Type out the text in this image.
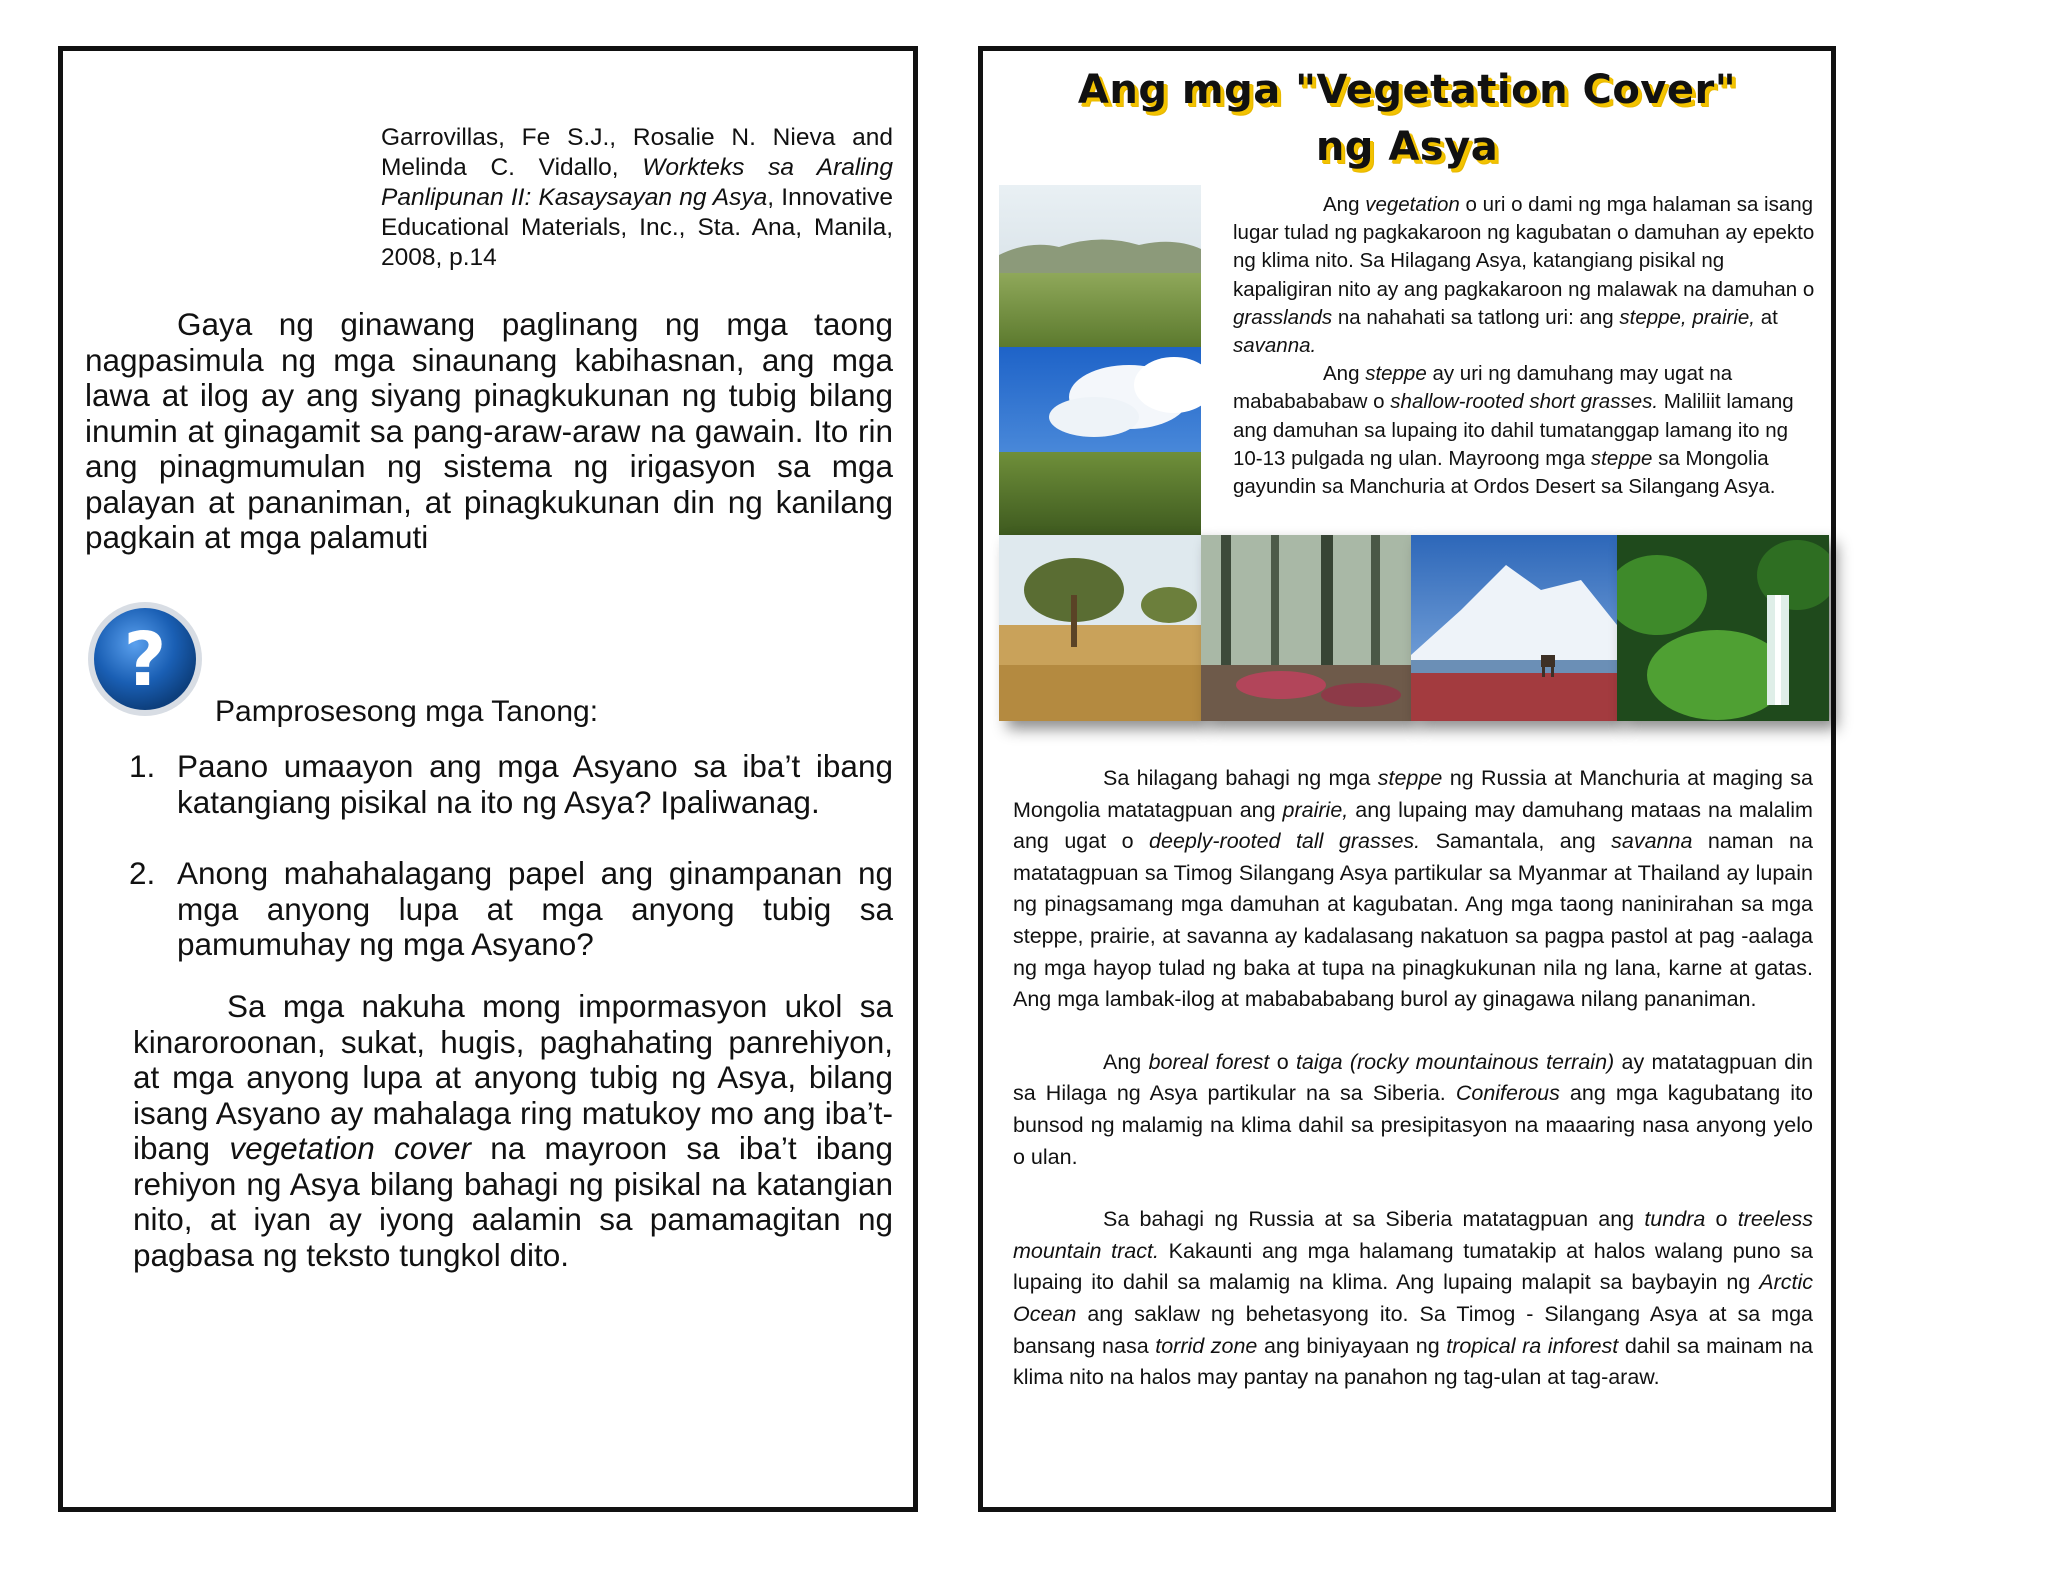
Garrovillas, Fe S.J., Rosalie N. Nieva and Melinda C. Vidallo, Workteks sa Araling Panlipunan II: Kasaysayan ng Asya, Innovative Educational Materials, Inc., Sta. Ana, Manila, 2008, p.14

Gaya ng ginawang paglinang ng mga taong nagpasimula ng mga sinaunang kabihasnan, ang mga lawa at ilog ay ang siyang pinagkukunan ng tubig bilang inumin at ginagamit sa pang-araw-araw na gawain. Ito rin ang pinagmumulan ng sistema ng irigasyon sa mga palayan at pananiman, at pinagkukunan din ng kanilang pagkain at mga palamuti

?
Pamprosesong mga Tanong:
1. Paano umaayon ang mga Asyano sa iba’t ibang katangiang pisikal na ito ng Asya? Ipaliwanag.
2. Anong mahahalagang papel ang ginampanan ng mga anyong lupa at mga anyong tubig sa pamumuhay ng mga Asyano?

Sa mga nakuha mong impormasyon ukol sa kinaroroonan, sukat, hugis, paghahating panrehiyon, at mga anyong lupa at anyong tubig ng Asya, bilang isang Asyano ay mahalaga ring matukoy mo ang iba’t-ibang vegetation cover na mayroon sa iba’t ibang rehiyon ng Asya bilang bahagi ng pisikal na katangian nito, at iyan ay iyong aalamin sa pamamagitan ng pagbasa ng teksto tungkol dito.

Ang mga "Vegetation Cover"
ng Asya

Ang vegetation o uri o dami ng mga halaman sa isang lugar tulad ng pagkakaroon ng kagubatan o damuhan ay epekto ng klima nito. Sa Hilagang Asya, katangiang pisikal ng kapaligiran nito ay ang pagkakaroon ng malawak na damuhan o grasslands na nahahati sa tatlong uri: ang steppe, prairie, at savanna.

Ang steppe ay uri ng damuhang may ugat na mababababaw o shallow-rooted short grasses. Maliliit lamang ang damuhan sa lupaing ito dahil tumatanggap lamang ito ng 10-13 pulgada ng ulan. Mayroong mga steppe sa Mongolia gayundin sa Manchuria at Ordos Desert sa Silangang Asya.

Sa hilagang bahagi ng mga steppe ng Russia at Manchuria at maging sa Mongolia matatagpuan ang prairie, ang lupaing may damuhang mataas na malalim ang ugat o deeply-rooted tall grasses. Samantala, ang savanna naman na matatagpuan sa Timog Silangang Asya partikular sa Myanmar at Thailand ay lupain ng pinagsamang mga damuhan at kagubatan. Ang mga taong naninirahan sa mga steppe, prairie, at savanna ay kadalasang nakatuon sa pagpa pastol at pag -aalaga ng mga hayop tulad ng baka at tupa na pinagkukunan nila ng lana, karne at gatas. Ang mga lambak-ilog at mababababang burol ay ginagawa nilang pananiman.

Ang boreal forest o taiga (rocky mountainous terrain) ay matatagpuan din sa Hilaga ng Asya partikular na sa Siberia. Coniferous ang mga kagubatang ito bunsod ng malamig na klima dahil sa presipitasyon na maaaring nasa anyong yelo o ulan.

Sa bahagi ng Russia at sa Siberia matatagpuan ang tundra o treeless mountain tract. Kakaunti ang mga halamang tumatakip at halos walang puno sa lupaing ito dahil sa malamig na klima. Ang lupaing malapit sa baybayin ng Arctic Ocean ang saklaw ng behetasyong ito. Sa Timog - Silangang Asya at sa mga bansang nasa torrid zone ang biniyayaan ng tropical ra inforest dahil sa mainam na klima nito na halos may pantay na panahon ng tag-ulan at tag-araw.
